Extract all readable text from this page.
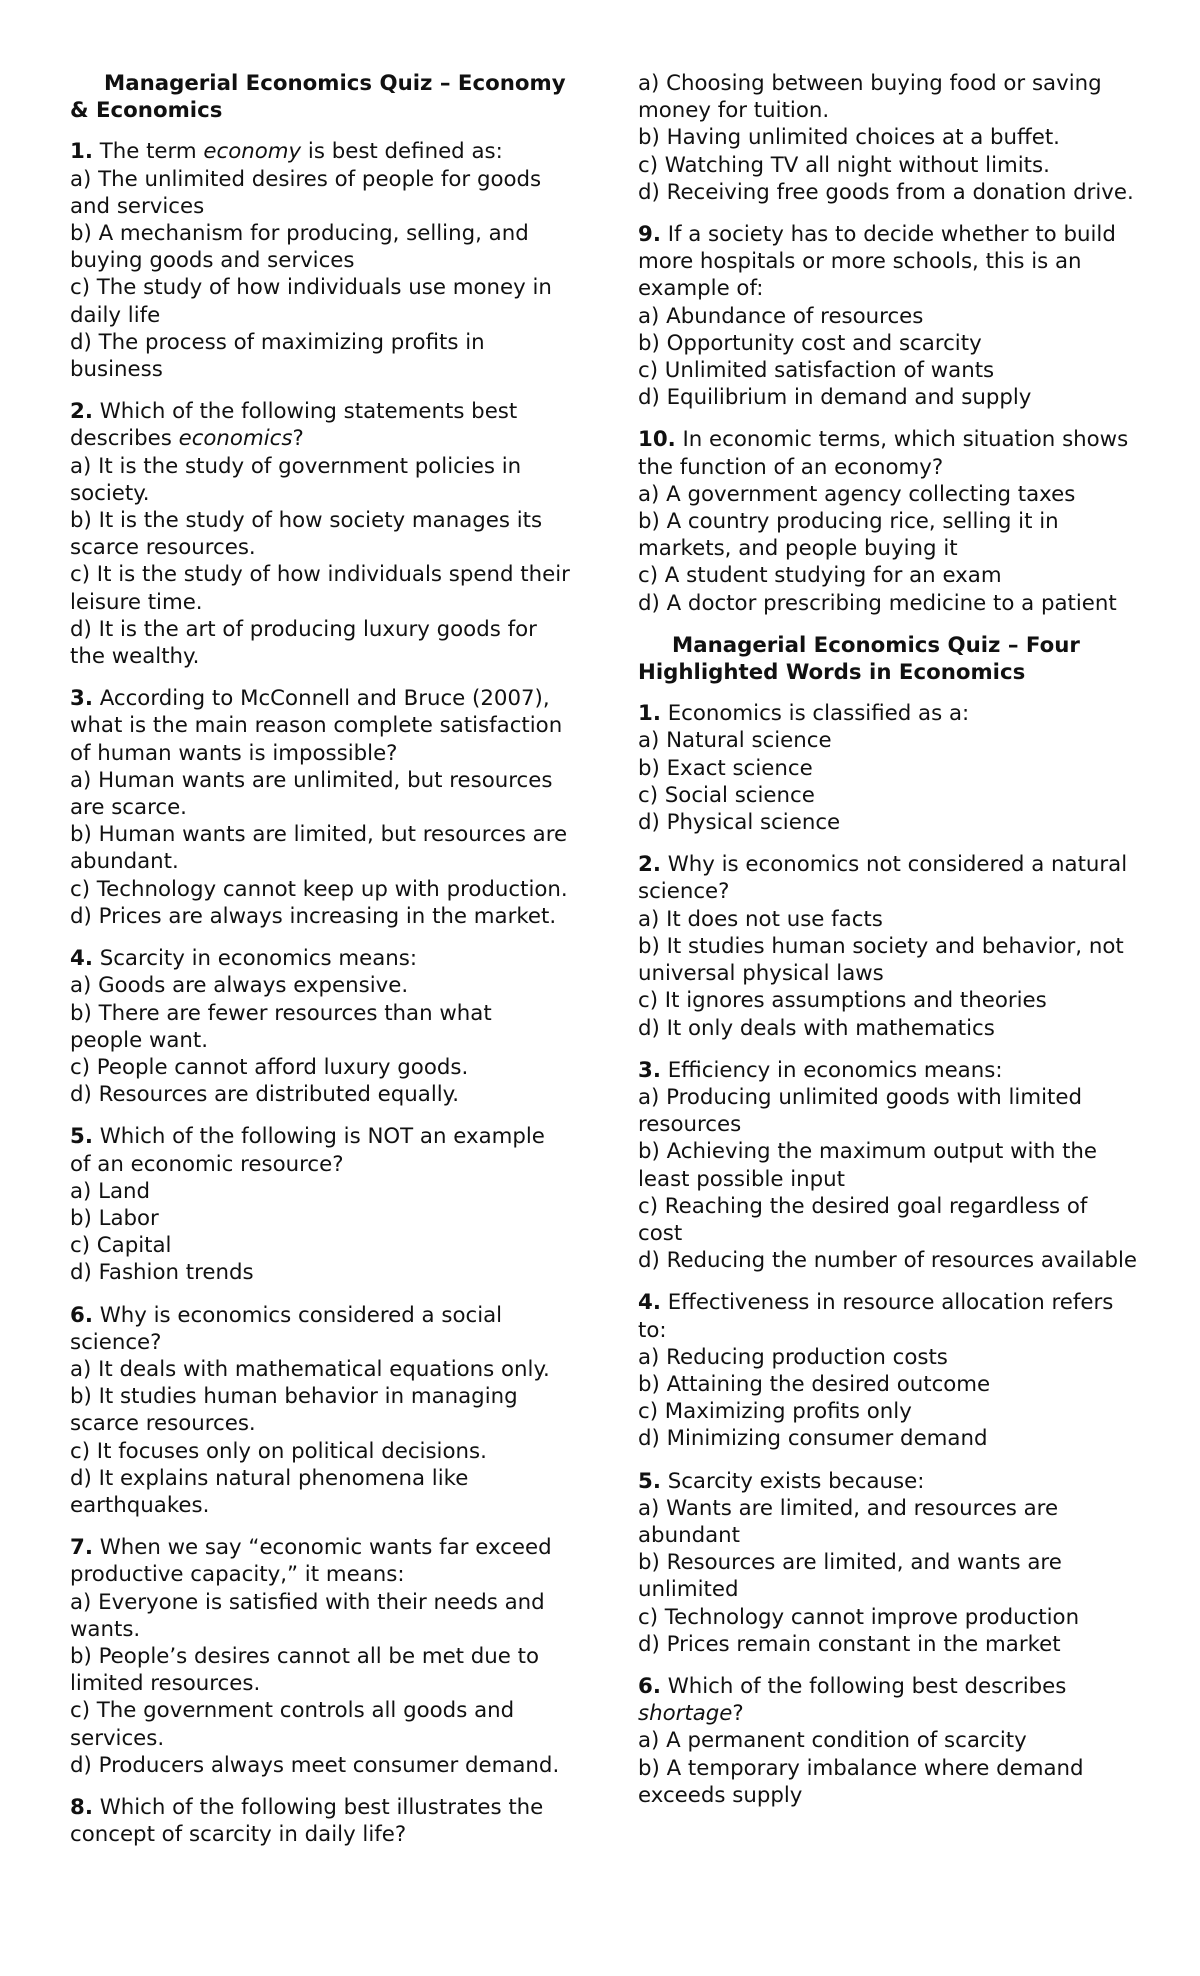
Managerial Economics Quiz – Economy & Economics
1. The term economy is best defined as:
a) The unlimited desires of people for goods and services
b) A mechanism for producing, selling, and buying goods and services
c) The study of how individuals use money in daily life
d) The process of maximizing profits in business
2. Which of the following statements best describes economics?
a) It is the study of government policies in society.
b) It is the study of how society manages its scarce resources.
c) It is the study of how individuals spend their leisure time.
d) It is the art of producing luxury goods for the wealthy.
3. According to McConnell and Bruce (2007), what is the main reason complete satisfaction of human wants is impossible?
a) Human wants are unlimited, but resources are scarce.
b) Human wants are limited, but resources are abundant.
c) Technology cannot keep up with production.
d) Prices are always increasing in the market.
4. Scarcity in economics means:
a) Goods are always expensive.
b) There are fewer resources than what people want.
c) People cannot afford luxury goods.
d) Resources are distributed equally.
5. Which of the following is NOT an example of an economic resource?
a) Land
b) Labor
c) Capital
d) Fashion trends
6. Why is economics considered a social science?
a) It deals with mathematical equations only.
b) It studies human behavior in managing scarce resources.
c) It focuses only on political decisions.
d) It explains natural phenomena like earthquakes.
7. When we say “economic wants far exceed productive capacity,” it means:
a) Everyone is satisfied with their needs and wants.
b) People’s desires cannot all be met due to limited resources.
c) The government controls all goods and services.
d) Producers always meet consumer demand.
8. Which of the following best illustrates the concept of scarcity in daily life?
a) Choosing between buying food or saving money for tuition.
b) Having unlimited choices at a buffet.
c) Watching TV all night without limits.
d) Receiving free goods from a donation drive.
9. If a society has to decide whether to build more hospitals or more schools, this is an example of:
a) Abundance of resources
b) Opportunity cost and scarcity
c) Unlimited satisfaction of wants
d) Equilibrium in demand and supply
10. In economic terms, which situation shows the function of an economy?
a) A government agency collecting taxes
b) A country producing rice, selling it in markets, and people buying it
c) A student studying for an exam
d) A doctor prescribing medicine to a patient
Managerial Economics Quiz – Four Highlighted Words in Economics
1. Economics is classified as a:
a) Natural science
b) Exact science
c) Social science
d) Physical science
2. Why is economics not considered a natural science?
a) It does not use facts
b) It studies human society and behavior, not universal physical laws
c) It ignores assumptions and theories
d) It only deals with mathematics
3. Efficiency in economics means:
a) Producing unlimited goods with limited resources
b) Achieving the maximum output with the least possible input
c) Reaching the desired goal regardless of cost
d) Reducing the number of resources available
4. Effectiveness in resource allocation refers to:
a) Reducing production costs
b) Attaining the desired outcome
c) Maximizing profits only
d) Minimizing consumer demand
5. Scarcity exists because:
a) Wants are limited, and resources are abundant
b) Resources are limited, and wants are unlimited
c) Technology cannot improve production
d) Prices remain constant in the market
6. Which of the following best describes shortage?
a) A permanent condition of scarcity
b) A temporary imbalance where demand exceeds supply
